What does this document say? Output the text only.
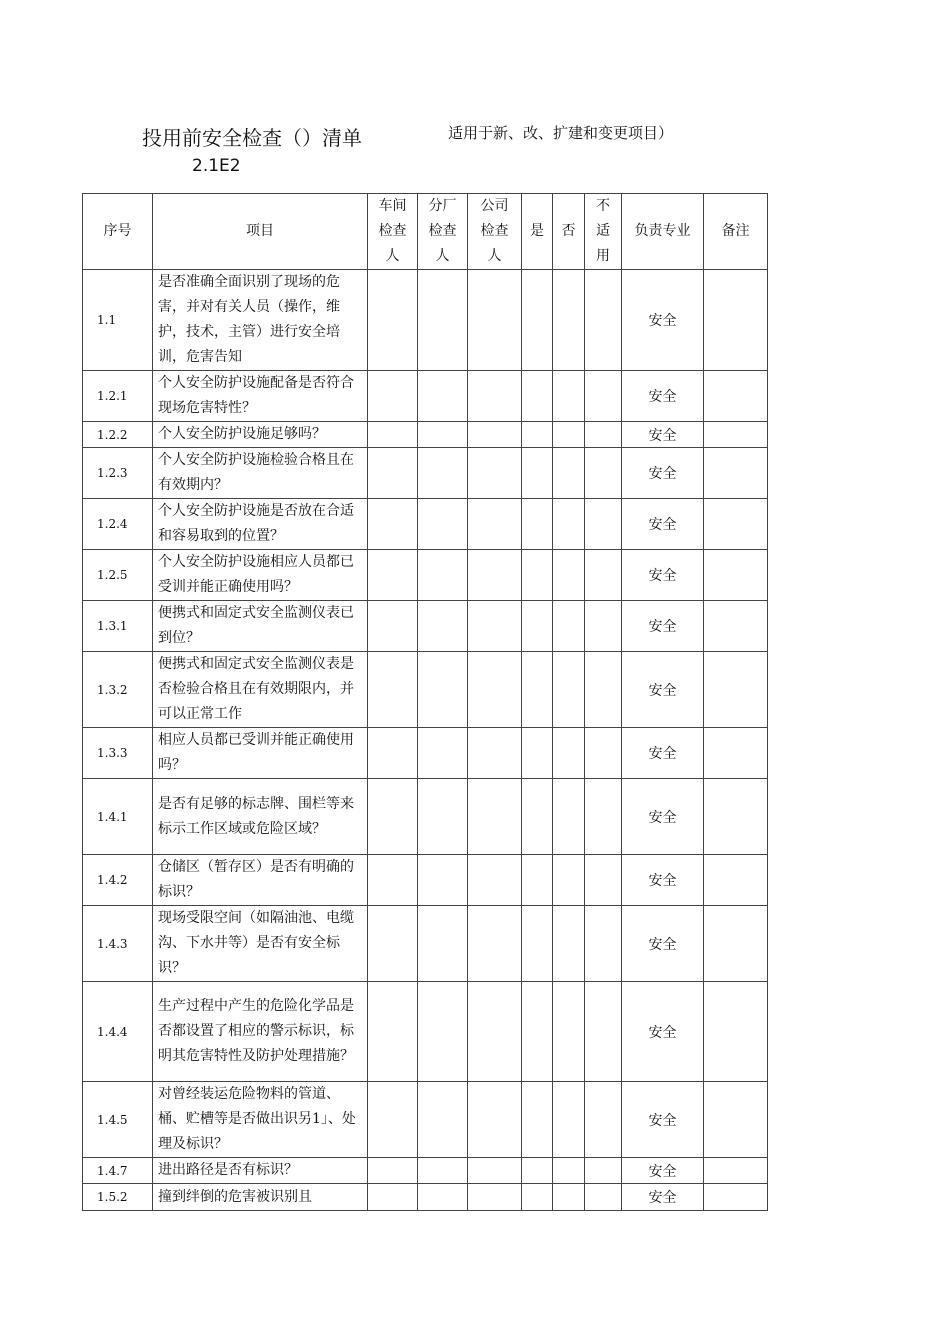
投用前安全检查（）清单	适用于新、改、扩建和变更项目）
2.1E2
序号	项目	车间检查人	分厂检查人	公司检查人	是	否	不适用	负责专业	备注
1.1	是否准确全面识别了现场的危害，并对有关人员（操作，维护，技术，主管）进行安全培训，危害告知							安全	
1.2.1	个人安全防护设施配备是否符合现场危害特性？							安全	
1.2.2	个人安全防护设施足够吗？							安全	
1.2.3	个人安全防护设施检验合格且在有效期内？							安全	
1.2.4	个人安全防护设施是否放在合适和容易取到的位置？							安全	
1.2.5	个人安全防护设施相应人员都已受训并能正确使用吗？							安全	
1.3.1	便携式和固定式安全监测仪表已到位？							安全	
1.3.2	便携式和固定式安全监测仪表是否检验合格且在有效期限内，并可以正常工作							安全	
1.3.3	相应人员都已受训并能正确使用吗？							安全	
1.4.1	是否有足够的标志牌、围栏等来标示工作区域或危险区域？							安全	
1.4.2	仓储区（暂存区）是否有明确的标识？							安全	
1.4.3	现场受限空间（如隔油池、电缆沟、下水井等）是否有安全标识？							安全	
1.4.4	生产过程中产生的危险化学品是否都设置了相应的警示标识，标明其危害特性及防护处理措施？							安全	
1.4.5	对曾经装运危险物料的管道、桶、贮槽等是否做出识另1」、处理及标识？							安全	
1.4.7	进出路径是否有标识？							安全	
1.5.2	撞到绊倒的危害被识别且							安全	
